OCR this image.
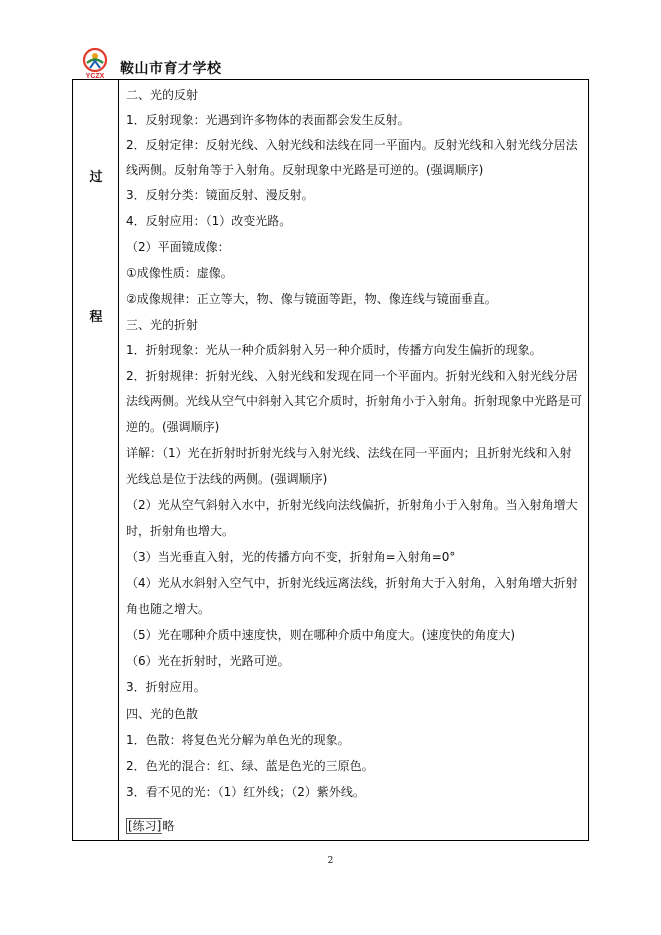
YCZX 鞍山市育才学校
过
程
二、光的反射
1．反射现象：光遇到许多物体的表面都会发生反射。
2．反射定律：反射光线、入射光线和法线在同一平面内。反射光线和入射光线分居法
线两侧。反射角等于入射角。反射现象中光路是可逆的。(强调顺序)
3．反射分类：镜面反射、漫反射。
4．反射应用：（1）改变光路。
（2）平面镜成像：
①成像性质：虚像。
②成像规律：正立等大，物、像与镜面等距，物、像连线与镜面垂直。
三、光的折射
1．折射现象：光从一种介质斜射入另一种介质时，传播方向发生偏折的现象。
2．折射规律：折射光线、入射光线和发现在同一个平面内。折射光线和入射光线分居
法线两侧。光线从空气中斜射入其它介质时，折射角小于入射角。折射现象中光路是可
逆的。(强调顺序)
详解：（1）光在折射时折射光线与入射光线、法线在同一平面内；且折射光线和入射
光线总是位于法线的两侧。(强调顺序)
（2）光从空气斜射入水中，折射光线向法线偏折，折射角小于入射角。当入射角增大
时，折射角也增大。
（3）当光垂直入射，光的传播方向不变，折射角=入射角=0°
（4）光从水斜射入空气中，折射光线远离法线，折射角大于入射角，入射角增大折射
角也随之增大。
（5）光在哪种介质中速度快，则在哪种介质中角度大。(速度快的角度大)
（6）光在折射时，光路可逆。
3．折射应用。
四、光的色散
1．色散：将复色光分解为单色光的现象。
2．色光的混合：红、绿、蓝是色光的三原色。
3．看不见的光：（1）红外线；（2）紫外线。
[练习]略
2
